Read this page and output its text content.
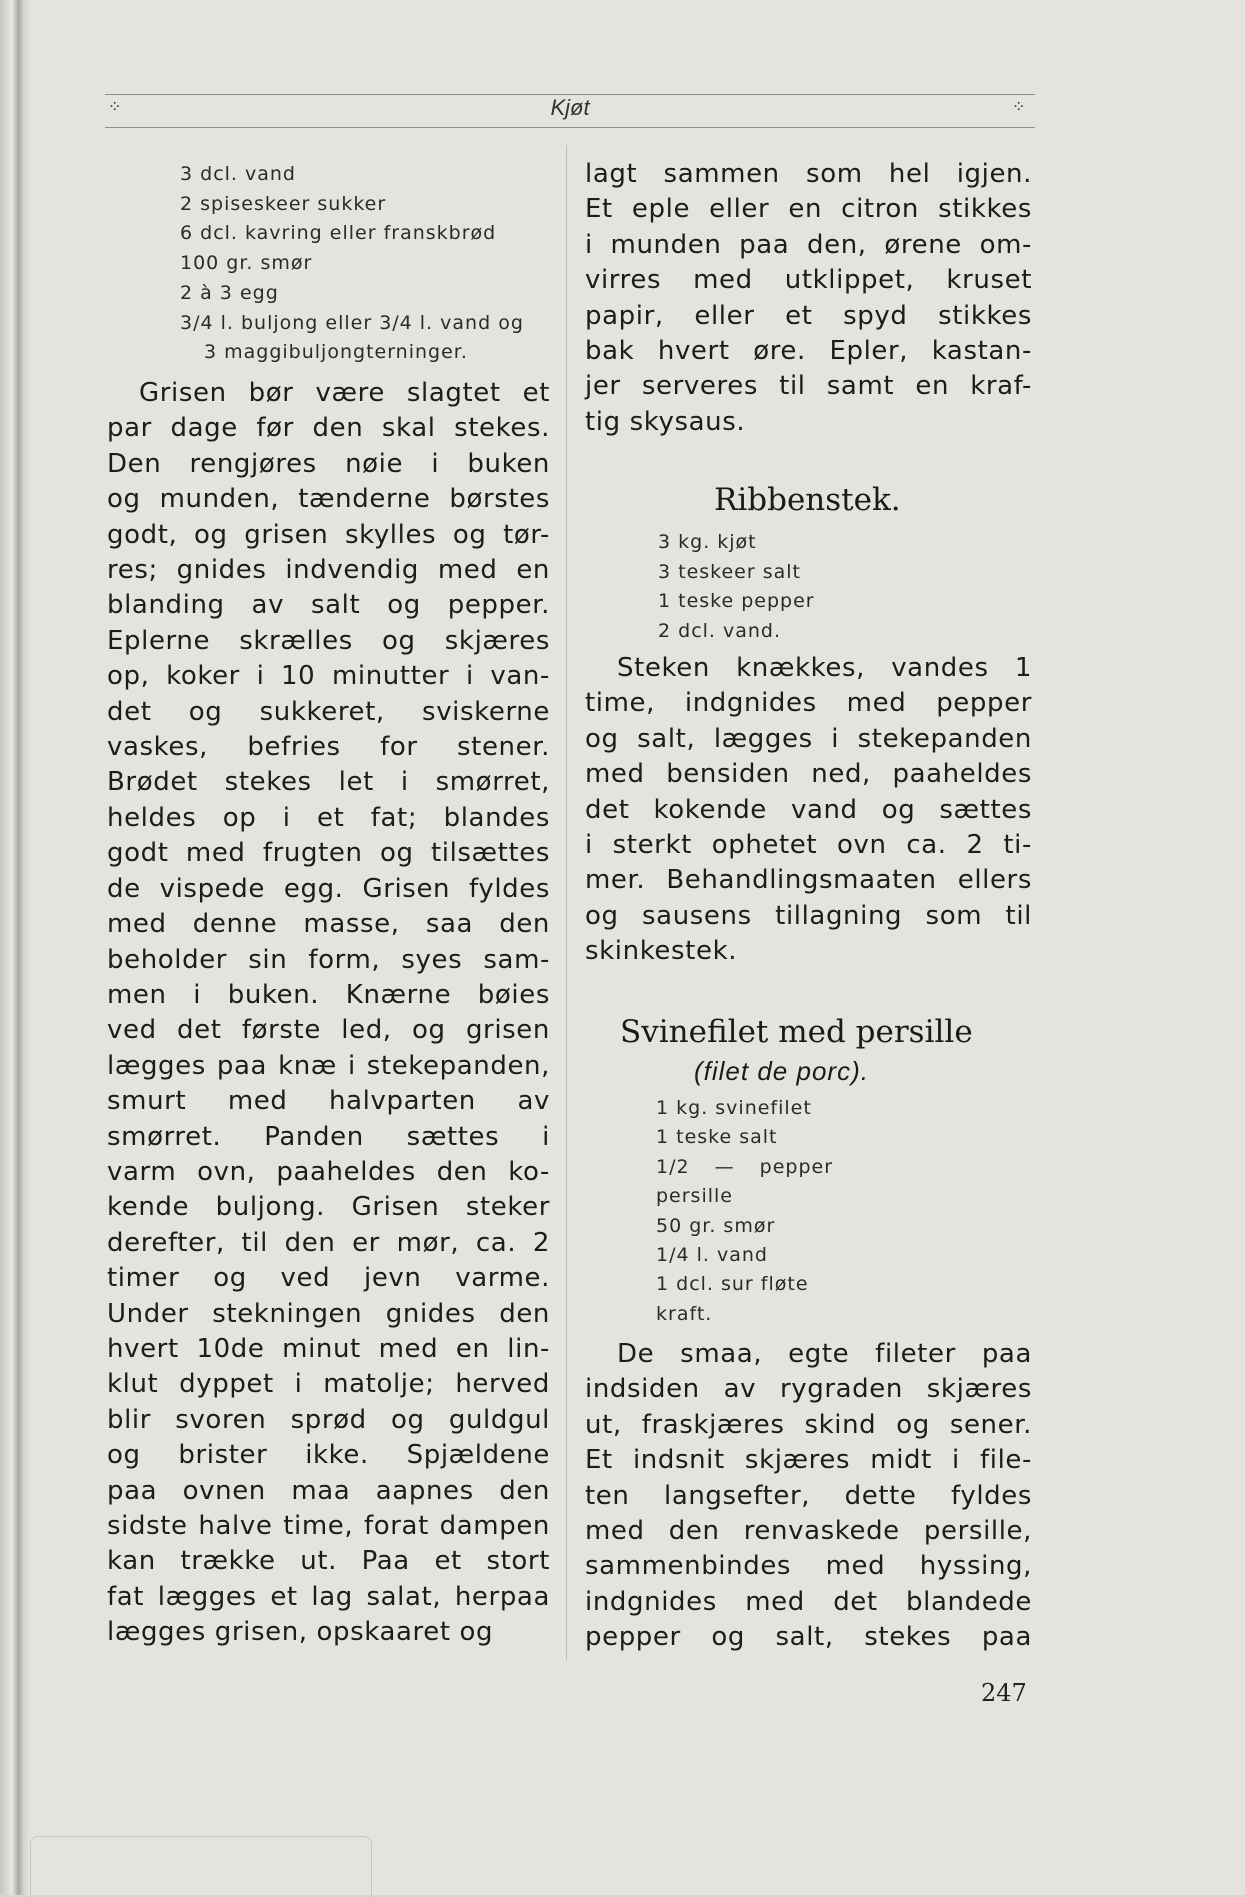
⁘	⁘
Kjøt
3 dcl. vand
2 spiseskeer sukker
6 dcl. kavring eller franskbrød
100 gr. smør
2 à 3 egg
3/4 l. buljong eller 3/4 l. vand og
3 maggibuljongterninger.
Grisen bør være slagtet et
par dage før den skal stekes.
Den rengjøres nøie i buken
og munden, tænderne børstes
godt, og grisen skylles og tør-
res; gnides indvendig med en
blanding av salt og pepper.
Eplerne skrælles og skjæres
op, koker i 10 minutter i van-
det og sukkeret, sviskerne
vaskes, befries for stener.
Brødet stekes let i smørret,
heldes op i et fat; blandes
godt med frugten og tilsættes
de vispede egg. Grisen fyldes
med denne masse, saa den
beholder sin form, syes sam-
men i buken. Knærne bøies
ved det første led, og grisen
lægges paa knæ i stekepanden,
smurt med halvparten av
smørret. Panden sættes i
varm ovn, paaheldes den ko-
kende buljong. Grisen steker
derefter, til den er mør, ca. 2
timer og ved jevn varme.
Under stekningen gnides den
hvert 10de minut med en lin-
klut dyppet i matolje; herved
blir svoren sprød og guldgul
og brister ikke. Spjældene
paa ovnen maa aapnes den
sidste halve time, forat dampen
kan trække ut. Paa et stort
fat lægges et lag salat, herpaa
lægges grisen, opskaaret og
lagt sammen som hel igjen.
Et eple eller en citron stikkes
i munden paa den, ørene om-
virres med utklippet, kruset
papir, eller et spyd stikkes
bak hvert øre. Epler, kastan-
jer serveres til samt en kraf-
tig skysaus.
Ribbenstek.
3 kg. kjøt
3 teskeer salt
1 teske pepper
2 dcl. vand.
Steken knækkes, vandes 1
time, indgnides med pepper
og salt, lægges i stekepanden
med bensiden ned, paaheldes
det kokende vand og sættes
i sterkt ophetet ovn ca. 2 ti-
mer. Behandlingsmaaten ellers
og sausens tillagning som til
skinkestek.
Svinefilet med persille
(filet de porc).
1 kg. svinefilet
1 teske salt
1/2 — pepper
persille
50 gr. smør
1/4 l. vand
1 dcl. sur fløte
kraft.
De smaa, egte fileter paa
indsiden av rygraden skjæres
ut, fraskjæres skind og sener.
Et indsnit skjæres midt i file-
ten langsefter, dette fyldes
med den renvaskede persille,
sammenbindes med hyssing,
indgnides med det blandede
pepper og salt, stekes paa
247
